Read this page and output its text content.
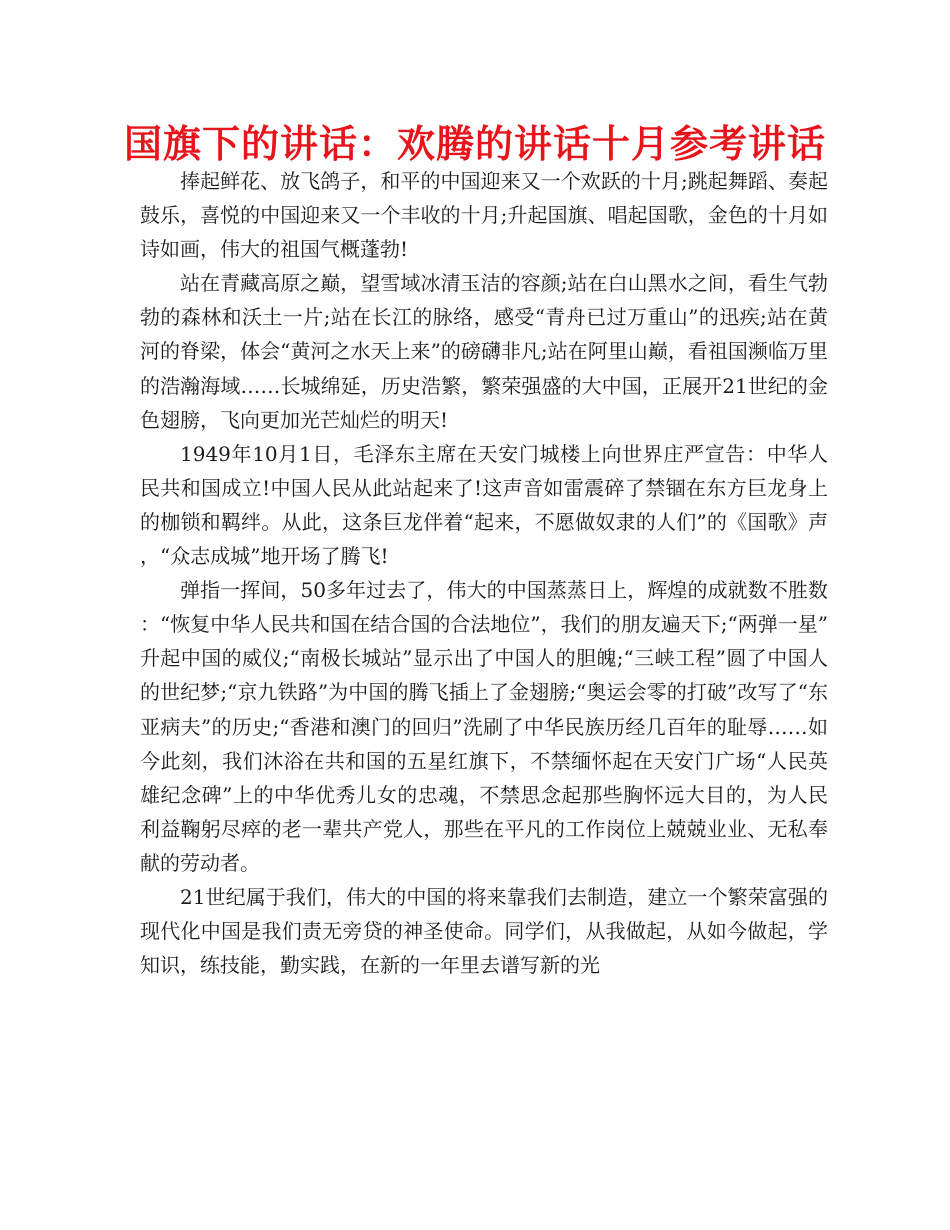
国旗下的讲话：欢腾的讲话十月参考讲话

捧起鲜花、放飞鸽子，和平的中国迎来又一个欢跃的十月;跳起舞蹈、奏起鼓乐，喜悦的中国迎来又一个丰收的十月;升起国旗、唱起国歌，金色的十月如诗如画，伟大的祖国气概蓬勃!

站在青藏高原之巅，望雪域冰清玉洁的容颜;站在白山黑水之间，看生气勃勃的森林和沃土一片;站在长江的脉络，感受“青舟已过万重山”的迅疾;站在黄河的脊梁，体会“黄河之水天上来”的磅礴非凡;站在阿里山巅，看祖国濒临万里的浩瀚海域……长城绵延，历史浩繁，繁荣强盛的大中国，正展开21世纪的金色翅膀，飞向更加光芒灿烂的明天!

1949年10月1日，毛泽东主席在天安门城楼上向世界庄严宣告：中华人民共和国成立!中国人民从此站起来了!这声音如雷震碎了禁锢在东方巨龙身上的枷锁和羁绊。从此，这条巨龙伴着“起来，不愿做奴隶的人们”的《国歌》声，“众志成城”地开场了腾飞!

弹指一挥间，50多年过去了，伟大的中国蒸蒸日上，辉煌的成就数不胜数：“恢复中华人民共和国在结合国的合法地位”，我们的朋友遍天下;“两弹一星”升起中国的威仪;“南极长城站”显示出了中国人的胆魄;“三峡工程”圆了中国人的世纪梦;“京九铁路”为中国的腾飞插上了金翅膀;“奥运会零的打破”改写了“东亚病夫”的历史;“香港和澳门的回归”洗刷了中华民族历经几百年的耻辱……如今此刻，我们沐浴在共和国的五星红旗下，不禁缅怀起在天安门广场“人民英雄纪念碑”上的中华优秀儿女的忠魂，不禁思念起那些胸怀远大目的，为人民利益鞠躬尽瘁的老一辈共产党人，那些在平凡的工作岗位上兢兢业业、无私奉献的劳动者。

21世纪属于我们，伟大的中国的将来靠我们去制造，建立一个繁荣富强的现代化中国是我们责无旁贷的神圣使命。同学们，从我做起，从如今做起，学知识，练技能，勤实践，在新的一年里去谱写新的光
